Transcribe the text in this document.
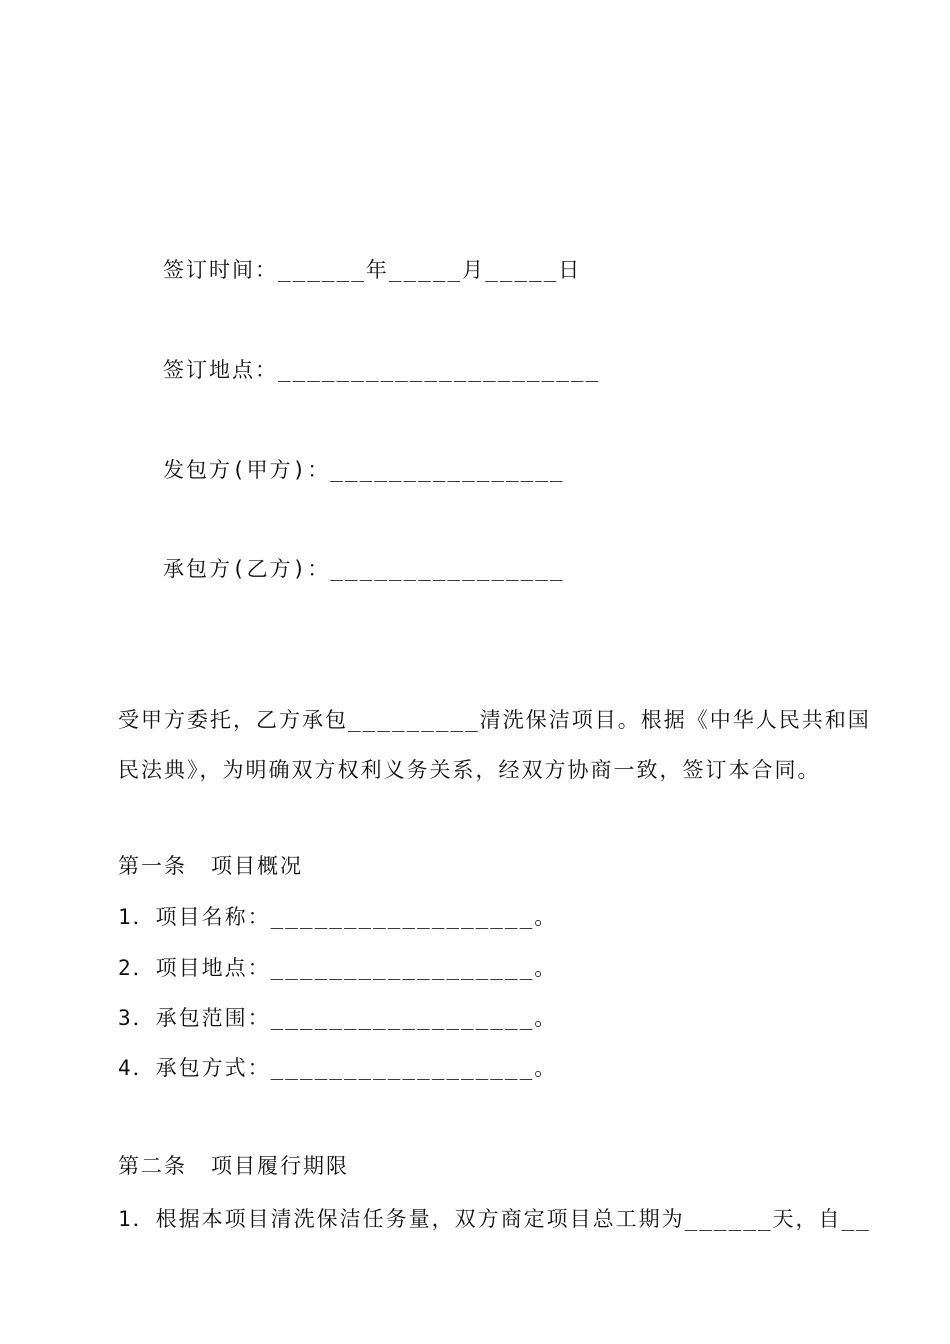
签订时间：______年_____月_____日
签订地点：______________________
发包方(甲方)：________________
承包方(乙方)：________________
受甲方委托，乙方承包_________清洗保洁项目。根据《中华人民共和国
民法典》，为明确双方权利义务关系，经双方协商一致，签订本合同。
第一条 项目概况
1．项目名称：__________________。
2．项目地点：__________________。
3．承包范围：__________________。
4．承包方式：__________________。
第二条 项目履行期限
1．根据本项目清洗保洁任务量，双方商定项目总工期为______天，自__
